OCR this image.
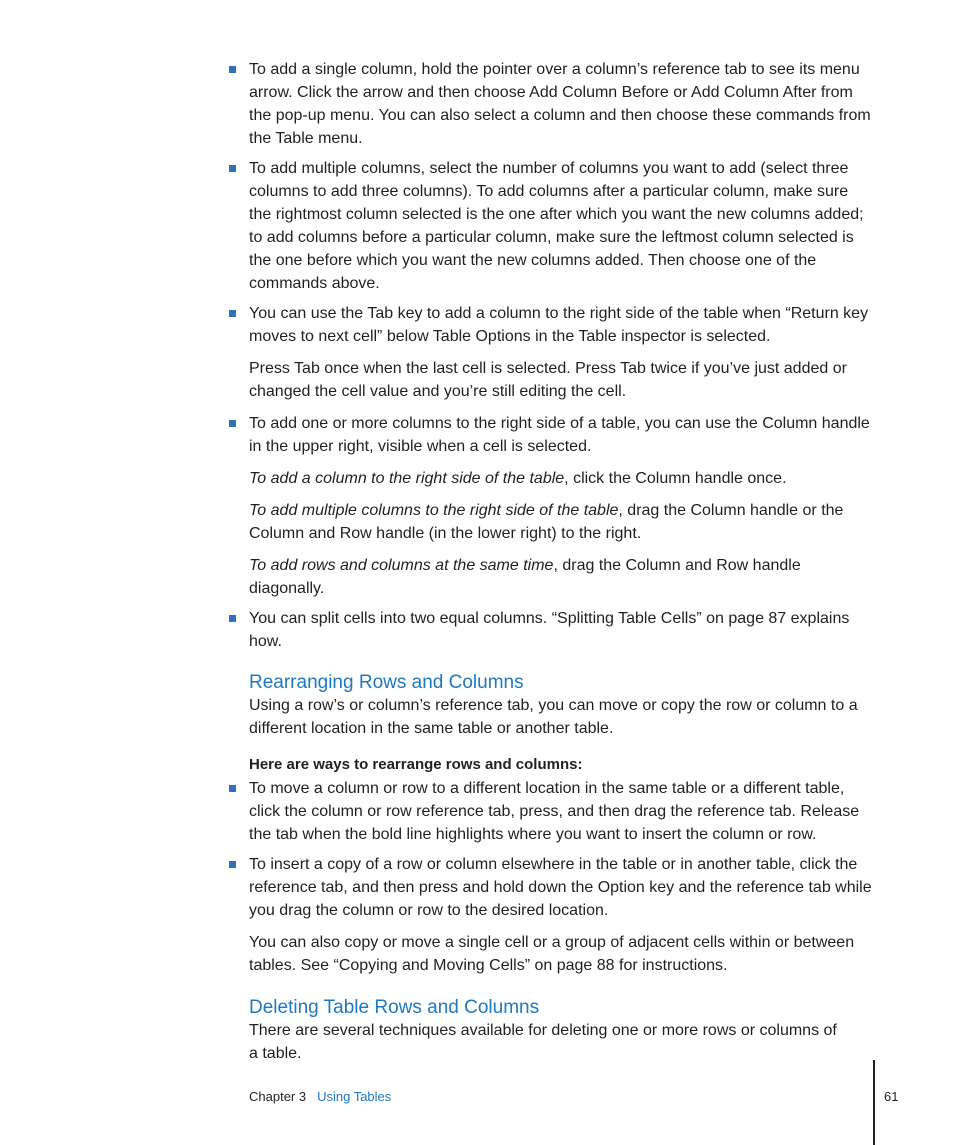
To add a single column, hold the pointer over a column’s reference tab to see its menu arrow. Click the arrow and then choose Add Column Before or Add Column After from the pop-up menu. You can also select a column and then choose these commands from the Table menu.

To add multiple columns, select the number of columns you want to add (select three columns to add three columns). To add columns after a particular column, make sure the rightmost column selected is the one after which you want the new columns added; to add columns before a particular column, make sure the leftmost column selected is the one before which you want the new columns added. Then choose one of the commands above.

You can use the Tab key to add a column to the right side of the table when “Return key moves to next cell” below Table Options in the Table inspector is selected.

Press Tab once when the last cell is selected. Press Tab twice if you’ve just added or changed the cell value and you’re still editing the cell.

To add one or more columns to the right side of a table, you can use the Column handle in the upper right, visible when a cell is selected.

To add a column to the right side of the table, click the Column handle once.

To add multiple columns to the right side of the table, drag the Column handle or the Column and Row handle (in the lower right) to the right.

To add rows and columns at the same time, drag the Column and Row handle diagonally.

You can split cells into two equal columns. “Splitting Table Cells” on page 87 explains how.

Rearranging Rows and Columns

Using a row’s or column’s reference tab, you can move or copy the row or column to a different location in the same table or another table.

Here are ways to rearrange rows and columns:

To move a column or row to a different location in the same table or a different table, click the column or row reference tab, press, and then drag the reference tab. Release the tab when the bold line highlights where you want to insert the column or row.

To insert a copy of a row or column elsewhere in the table or in another table, click the reference tab, and then press and hold down the Option key and the reference tab while you drag the column or row to the desired location.

You can also copy or move a single cell or a group of adjacent cells within or between tables. See “Copying and Moving Cells” on page 88 for instructions.

Deleting Table Rows and Columns

There are several techniques available for deleting one or more rows or columns of a table.

Chapter 3 Using Tables	61
